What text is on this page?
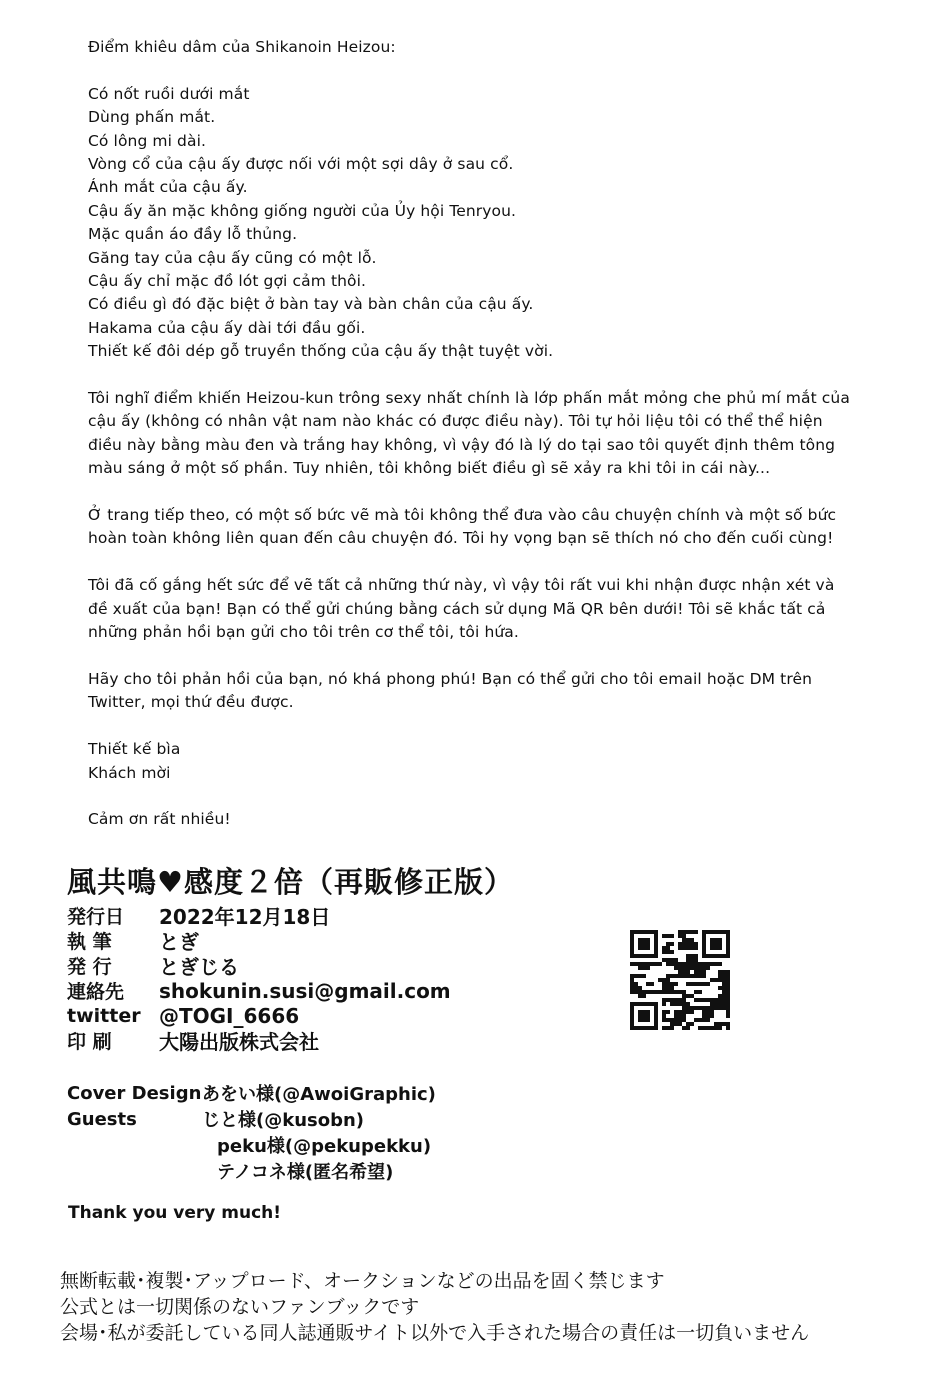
Điểm khiêu dâm của Shikanoin Heizou:
Có nốt ruồi dưới mắt
Dùng phấn mắt.
Có lông mi dài.
Vòng cổ của cậu ấy được nối với một sợi dây ở sau cổ.
Ánh mắt của cậu ấy.
Cậu ấy ăn mặc không giống người của Ủy hội Tenryou.
Mặc quần áo đầy lỗ thủng.
Găng tay của cậu ấy cũng có một lỗ.
Cậu ấy chỉ mặc đồ lót gợi cảm thôi.
Có điều gì đó đặc biệt ở bàn tay và bàn chân của cậu ấy.
Hakama của cậu ấy dài tới đầu gối.
Thiết kế đôi dép gỗ truyền thống của cậu ấy thật tuyệt vời.
Tôi nghĩ điểm khiến Heizou-kun trông sexy nhất chính là lớp phấn mắt mỏng che phủ mí mắt của
cậu ấy (không có nhân vật nam nào khác có được điều này). Tôi tự hỏi liệu tôi có thể thể hiện
điều này bằng màu đen và trắng hay không, vì vậy đó là lý do tại sao tôi quyết định thêm tông
màu sáng ở một số phần. Tuy nhiên, tôi không biết điều gì sẽ xảy ra khi tôi in cái này...
Ở trang tiếp theo, có một số bức vẽ mà tôi không thể đưa vào câu chuyện chính và một số bức
hoàn toàn không liên quan đến câu chuyện đó. Tôi hy vọng bạn sẽ thích nó cho đến cuối cùng!
Tôi đã cố gắng hết sức để vẽ tất cả những thứ này, vì vậy tôi rất vui khi nhận được nhận xét và
đề xuất của bạn! Bạn có thể gửi chúng bằng cách sử dụng Mã QR bên dưới! Tôi sẽ khắc tất cả
những phản hồi bạn gửi cho tôi trên cơ thể tôi, tôi hứa.
Hãy cho tôi phản hồi của bạn, nó khá phong phú! Bạn có thể gửi cho tôi email hoặc DM trên
Twitter, mọi thứ đều được.
Thiết kế bìa
Khách mời
Cảm ơn rất nhiều!
風共鳴♥感度２倍（再販修正版）
発行日	2022年12月18日
執 筆	とぎ
発 行	とぎじる
連絡先	shokunin.susi@gmail.com
twitter @TOGI_6666
印 刷	大陽出版株式会社
Cover Design あをい様(@AwoiGraphic)
Guests	じと様(@kusobn)
peku様(@pekupekku)
テノコネ様(匿名希望)
Thank you very much!
無断転載･複製･アップロード、オークションなどの出品を固く禁じます
公式とは一切関係のないファンブックです
会場･私が委託している同人誌通販サイト以外で入手された場合の責任は一切負いません
